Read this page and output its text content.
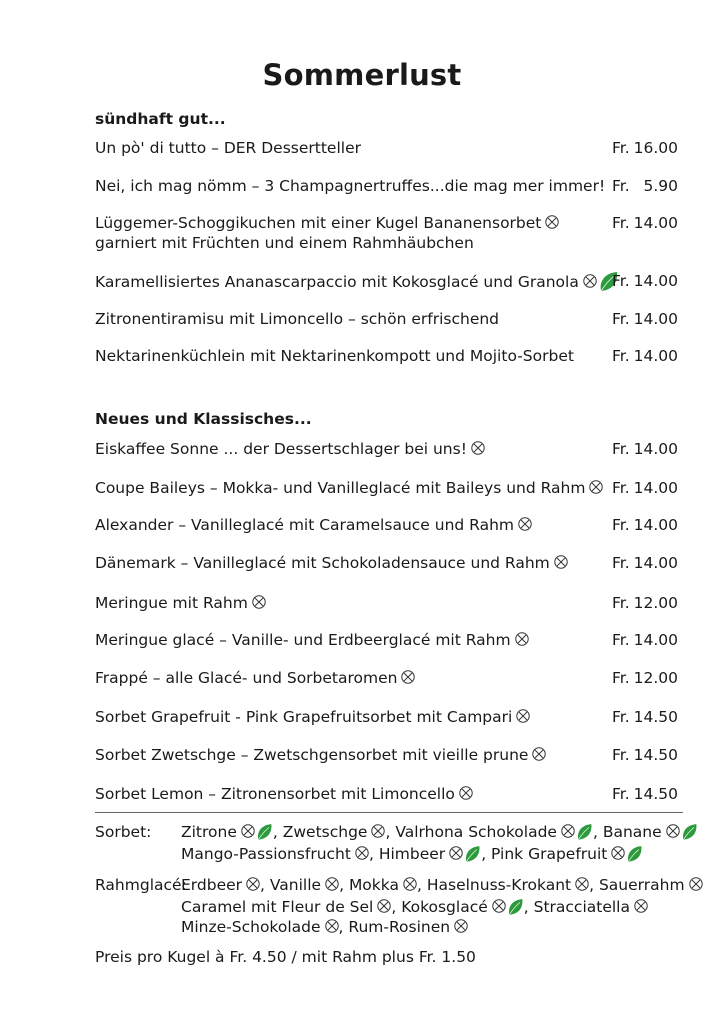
Sommerlust
sündhaft gut...
Un pò' di tutto – DER Dessertteller	Fr. 16.00
Nei, ich mag nömm – 3 Champagnertruffes...die mag mer immer! Fr. 5.90
Lüggemer-Schoggikuchen mit einer Kugel Bananensorbet
garniert mit Früchten und einem Rahmhäubchen
Fr. 14.00
Karamellisiertes Ananascarpaccio mit Kokosglacé und Granola Fr. 14.00
Zitronentiramisu mit Limoncello – schön erfrischend	Fr. 14.00
Nektarinenküchlein mit Nektarinenkompott und Mojito-Sorbet Fr. 14.00
Neues und Klassisches...
Eiskaffee Sonne ... der Dessertschlager bei uns!	Fr. 14.00
Coupe Baileys – Mokka- und Vanilleglacé mit Baileys und Rahm Fr. 14.00
Alexander – Vanilleglacé mit Caramelsauce und Rahm	Fr. 14.00
Dänemark – Vanilleglacé mit Schokoladensauce und Rahm	Fr. 14.00
Meringue mit Rahm	Fr. 12.00
Meringue glacé – Vanille- und Erdbeerglacé mit Rahm	Fr. 14.00
Frappé – alle Glacé- und Sorbetaromen	Fr. 12.00
Sorbet Grapefruit - Pink Grapefruitsorbet mit Campari	Fr. 14.50
Sorbet Zwetschge – Zwetschgensorbet mit vieille prune	Fr. 14.50
Sorbet Lemon – Zitronensorbet mit Limoncello	Fr. 14.50
Sorbet: Zitrone , Zwetschge , Valrhona Schokolade , Banane
Mango-Passionsfrucht , Himbeer , Pink Grapefruit
Rahmglacé:
Erdbeer , Vanille , Mokka , Haselnuss-Krokant , Sauerrahm
Caramel mit Fleur de Sel , Kokosglacé , Stracciatella
Minze-Schokolade , Rum-Rosinen
Preis pro Kugel à Fr. 4.50 / mit Rahm plus Fr. 1.50
